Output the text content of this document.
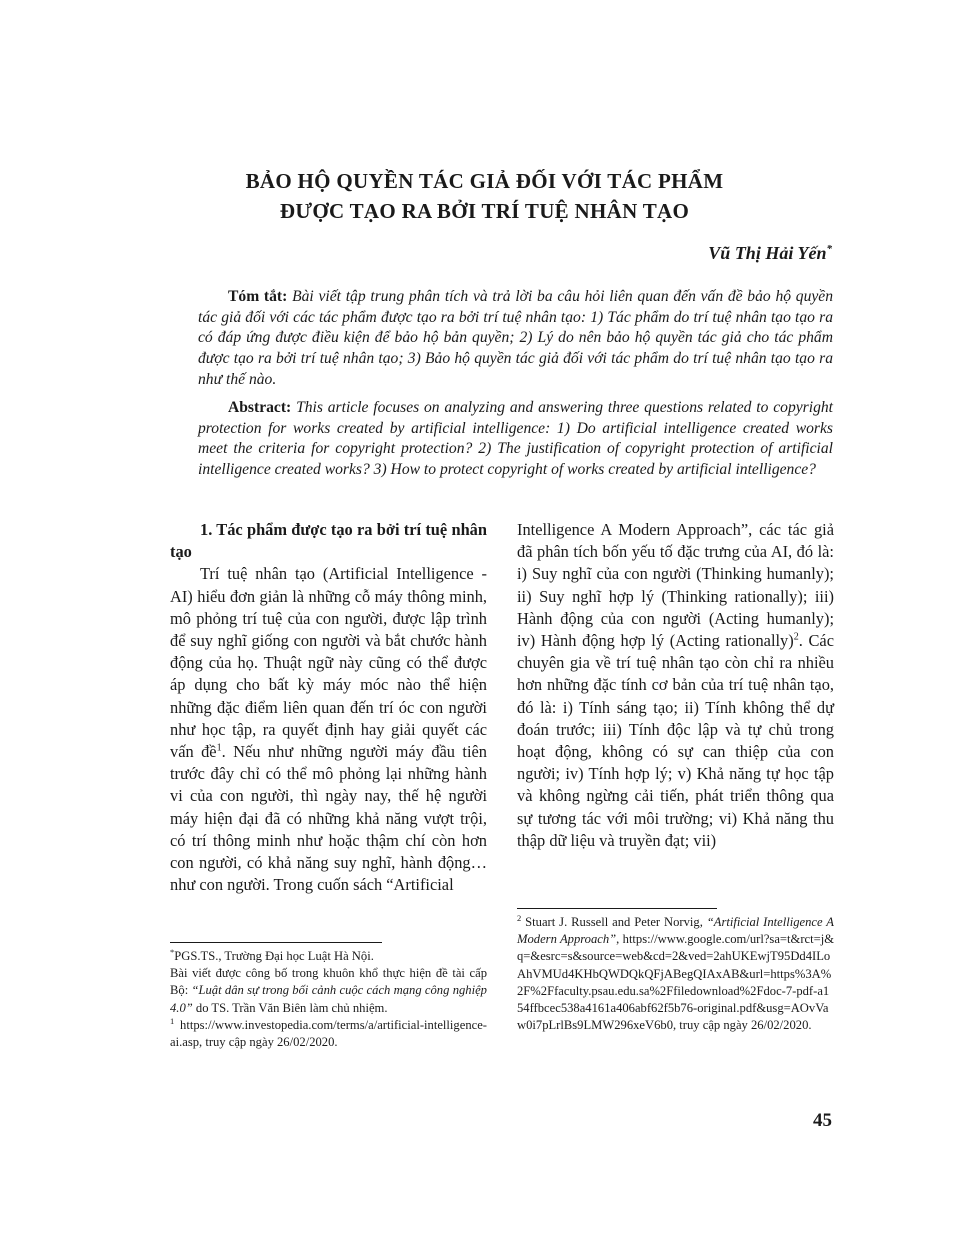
BẢO HỘ QUYỀN TÁC GIẢ ĐỐI VỚI TÁC PHẨM
ĐƯỢC TẠO RA BỞI TRÍ TUỆ NHÂN TẠO
Vũ Thị Hải Yến*

Tóm tắt: Bài viết tập trung phân tích và trả lời ba câu hỏi liên quan đến vấn đề bảo hộ quyền tác giả đối với các tác phẩm được tạo ra bởi trí tuệ nhân tạo: 1) Tác phẩm do trí tuệ nhân tạo tạo ra có đáp ứng được điều kiện để bảo hộ bản quyền; 2) Lý do nên bảo hộ quyền tác giả cho tác phẩm được tạo ra bởi trí tuệ nhân tạo; 3) Bảo hộ quyền tác giả đối với tác phẩm do trí tuệ nhân tạo tạo ra như thế nào.

Abstract: This article focuses on analyzing and answering three questions related to copyright protection for works created by artificial intelligence: 1) Do artificial intelligence created works meet the criteria for copyright protection? 2) The justification of copyright protection of artificial intelligence created works? 3) How to protect copyright of works created by artificial intelligence?

1. Tác phẩm được tạo ra bởi trí tuệ nhân tạo

Trí tuệ nhân tạo (Artificial Intelligence - AI) hiểu đơn giản là những cỗ máy thông minh, mô phỏng trí tuệ của con người, được lập trình để suy nghĩ giống con người và bắt chước hành động của họ. Thuật ngữ này cũng có thể được áp dụng cho bất kỳ máy móc nào thể hiện những đặc điểm liên quan đến trí óc con người như học tập, ra quyết định hay giải quyết các vấn đề$^1$. Nếu như những người máy đầu tiên trước đây chỉ có thể mô phỏng lại những hành vi của con người, thì ngày nay, thế hệ người máy hiện đại đã có những khả năng vượt trội, có trí thông minh như hoặc thậm chí còn hơn con người, có khả năng suy nghĩ, hành động… như con người. Trong cuốn sách “Artificial

Intelligence A Modern Approach”, các tác giả đã phân tích bốn yếu tố đặc trưng của AI, đó là: i) Suy nghĩ của con người (Thinking humanly); ii) Suy nghĩ hợp lý (Thinking rationally); iii) Hành động của con người (Acting humanly); iv) Hành động hợp lý (Acting rationally)$^2$. Các chuyên gia về trí tuệ nhân tạo còn chỉ ra nhiều hơn những đặc tính cơ bản của trí tuệ nhân tạo, đó là: i) Tính sáng tạo; ii) Tính không thể dự đoán trước; iii) Tính độc lập và tự chủ trong hoạt động, không có sự can thiệp của con người; iv) Tính hợp lý; v) Khả năng tự học tập và không ngừng cải tiến, phát triển thông qua sự tương tác với môi trường; vi) Khả năng thu thập dữ liệu và truyền đạt; vii)

*PGS.TS., Trường Đại học Luật Hà Nội.

Bài viết được công bố trong khuôn khổ thực hiện đề tài cấp Bộ: “Luật dân sự trong bối cảnh cuộc cách mạng công nghiệp 4.0” do TS. Trần Văn Biên làm chủ nhiệm.

$^1$ https://www.investopedia.com/terms/a/artificial-intelligence-ai.asp, truy cập ngày 26/02/2020.

$^2$ Stuart J. Russell and Peter Norvig, “Artificial Intelligence A Modern Approach”, https://www.google.com/url?sa=t&rct=j&q=&esrc=s&source=web&cd=2&ved=2ahUKEwjT95Dd4ILoAhVMUd4KHbQWDQkQFjABegQIAxAB&url=https%3A%2F%2Ffaculty.psau.edu.sa%2Ffiledownload%2Fdoc-7-pdf-a154ffbcec538a4161a406abf62f5b76-original.pdf&usg=AOvVaw0i7pLrlBs9LMW296xeV6b0, truy cập ngày 26/02/2020.

45
